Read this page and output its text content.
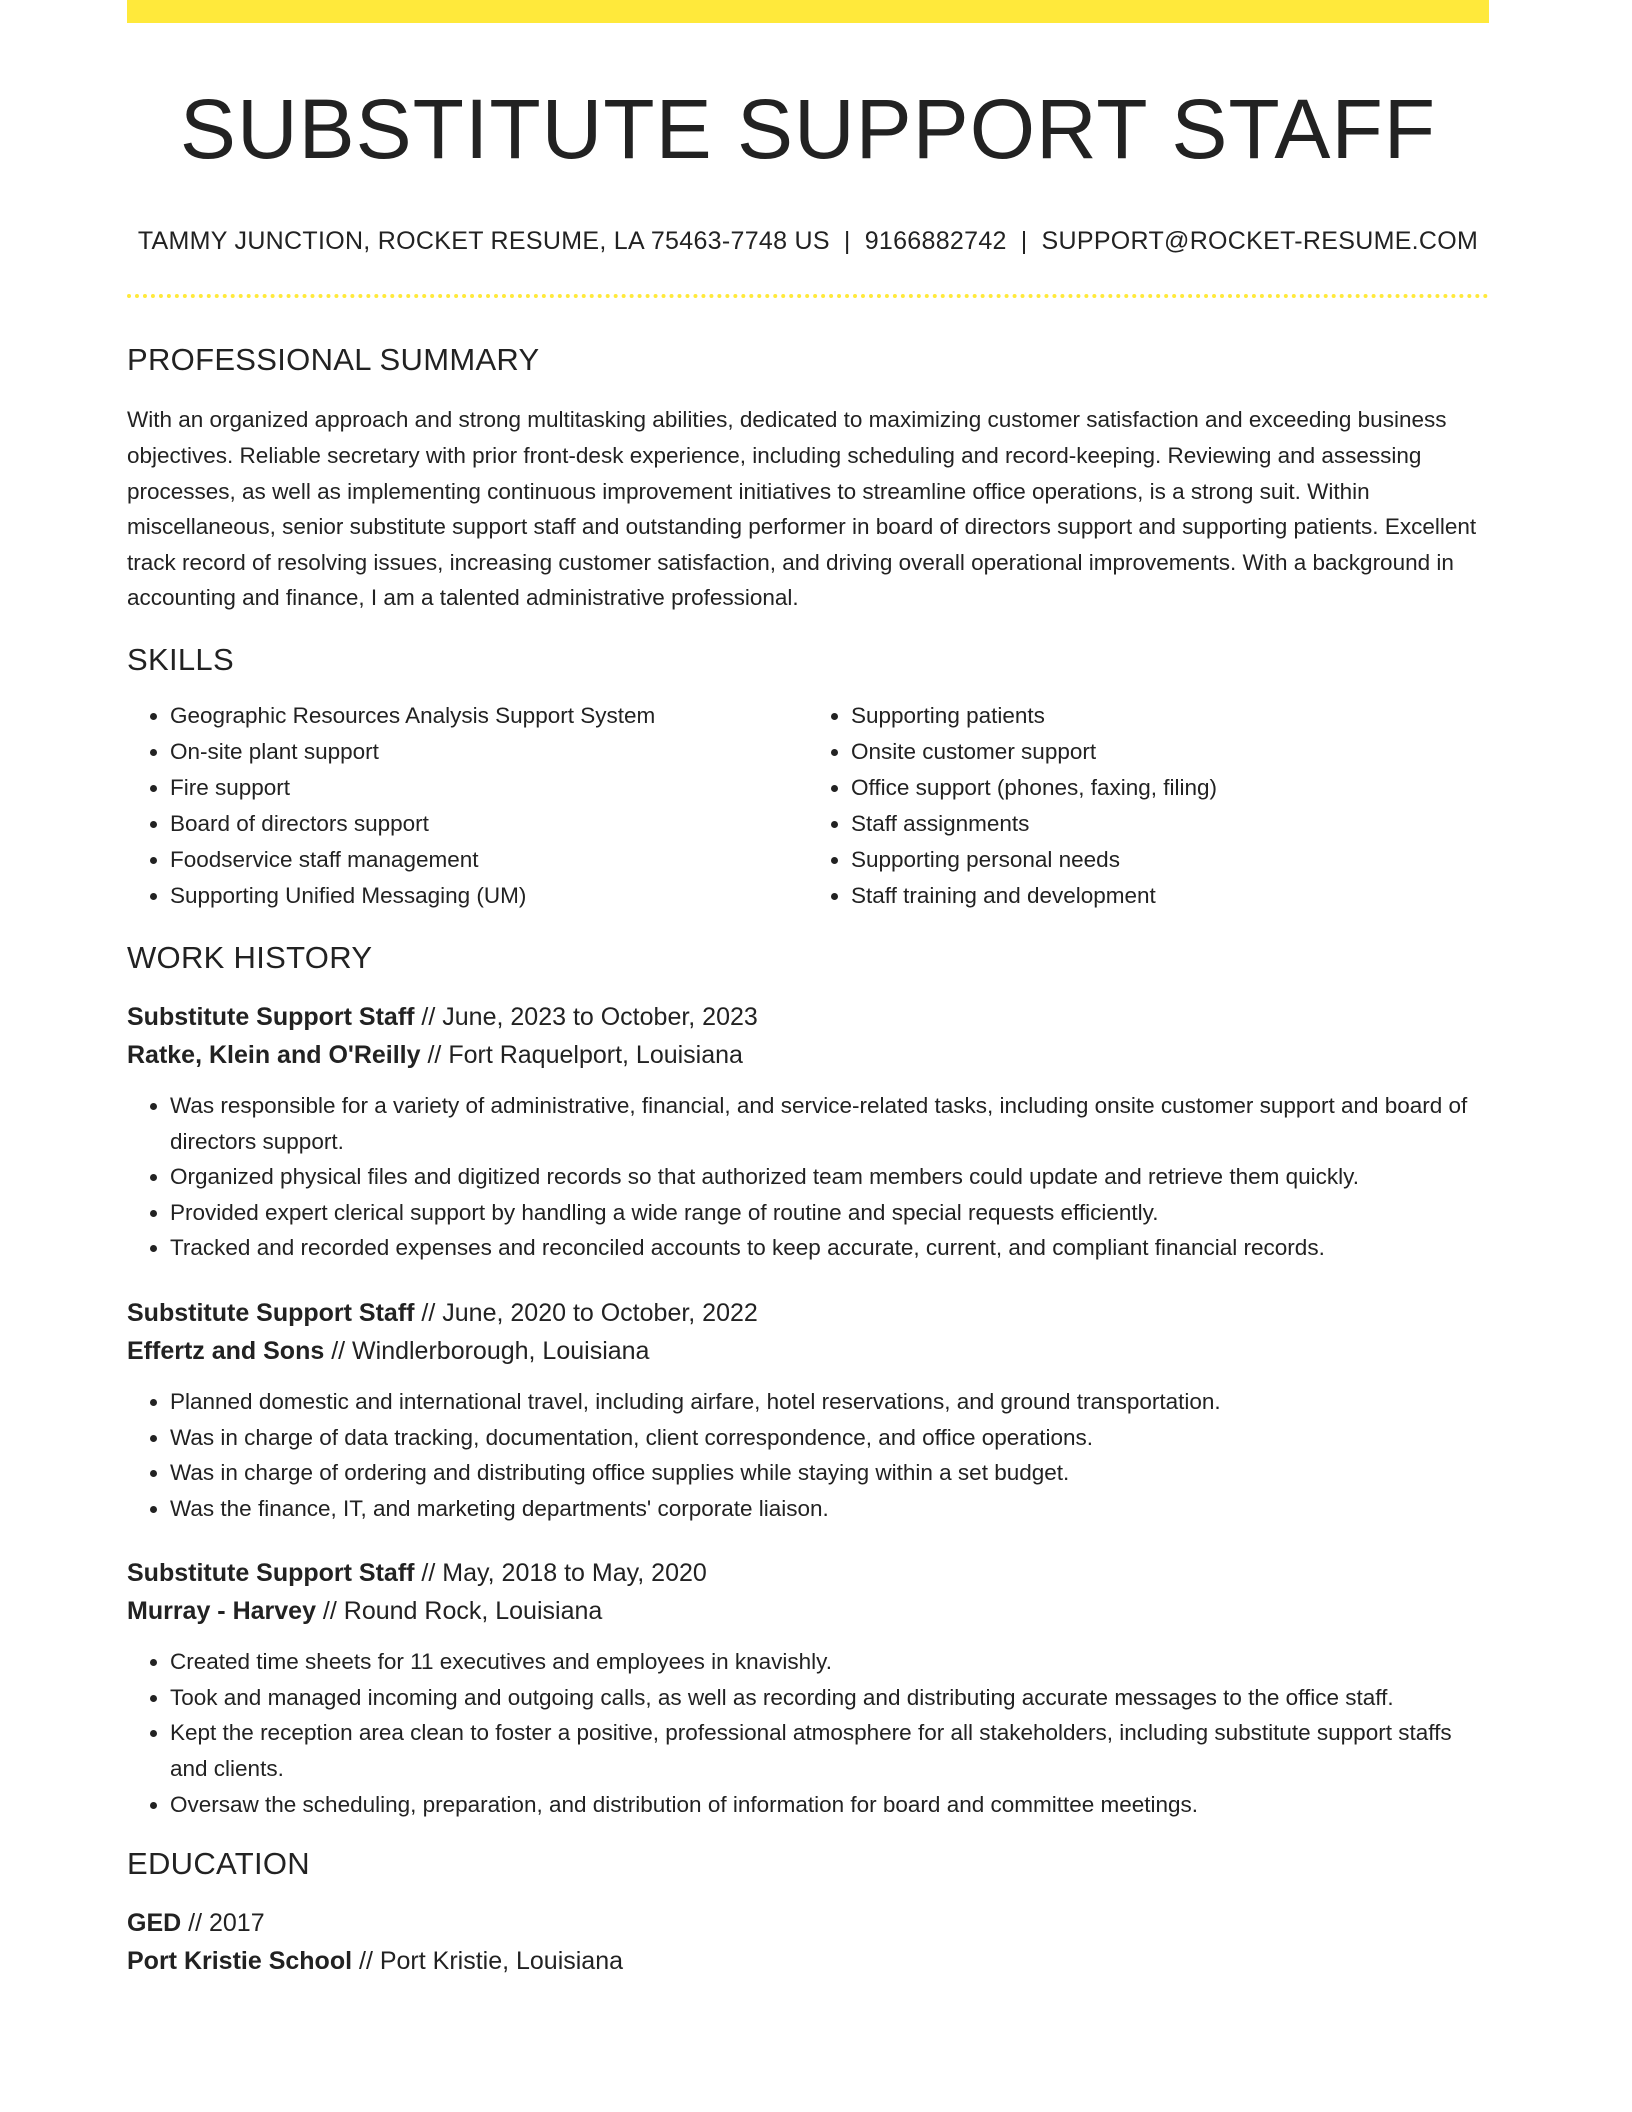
SUBSTITUTE SUPPORT STAFF
TAMMY JUNCTION, ROCKET RESUME, LA 75463-7748 US | 9166882742 | SUPPORT@ROCKET-RESUME.COM
PROFESSIONAL SUMMARY

With an organized approach and strong multitasking abilities, dedicated to maximizing customer satisfaction and exceeding business objectives. Reliable secretary with prior front-desk experience, including scheduling and record-keeping. Reviewing and assessing processes, as well as implementing continuous improvement initiatives to streamline office operations, is a strong suit. Within miscellaneous, senior substitute support staff and outstanding performer in board of directors support and supporting patients. Excellent track record of resolving issues, increasing customer satisfaction, and driving overall operational improvements. With a background in accounting and finance, I am a talented administrative professional.

SKILLS
• Geographic Resources Analysis Support System
• On-site plant support
• Fire support
• Board of directors support
• Foodservice staff management
• Supporting Unified Messaging (UM)
• Supporting patients
• Onsite customer support
• Office support (phones, faxing, filing)
• Staff assignments
• Supporting personal needs
• Staff training and development
WORK HISTORY
Substitute Support Staff // June, 2023 to October, 2023
Ratke, Klein and O'Reilly // Fort Raquelport, Louisiana
• Was responsible for a variety of administrative, financial, and service-related tasks, including onsite customer support and board of directors support.
• Organized physical files and digitized records so that authorized team members could update and retrieve them quickly.
• Provided expert clerical support by handling a wide range of routine and special requests efficiently.
• Tracked and recorded expenses and reconciled accounts to keep accurate, current, and compliant financial records.
Substitute Support Staff // June, 2020 to October, 2022
Effertz and Sons // Windlerborough, Louisiana
• Planned domestic and international travel, including airfare, hotel reservations, and ground transportation.
• Was in charge of data tracking, documentation, client correspondence, and office operations.
• Was in charge of ordering and distributing office supplies while staying within a set budget.
• Was the finance, IT, and marketing departments' corporate liaison.
Substitute Support Staff // May, 2018 to May, 2020
Murray - Harvey // Round Rock, Louisiana
• Created time sheets for 11 executives and employees in knavishly.
• Took and managed incoming and outgoing calls, as well as recording and distributing accurate messages to the office staff.
• Kept the reception area clean to foster a positive, professional atmosphere for all stakeholders, including substitute support staffs and clients.
• Oversaw the scheduling, preparation, and distribution of information for board and committee meetings.
EDUCATION
GED // 2017
Port Kristie School // Port Kristie, Louisiana
